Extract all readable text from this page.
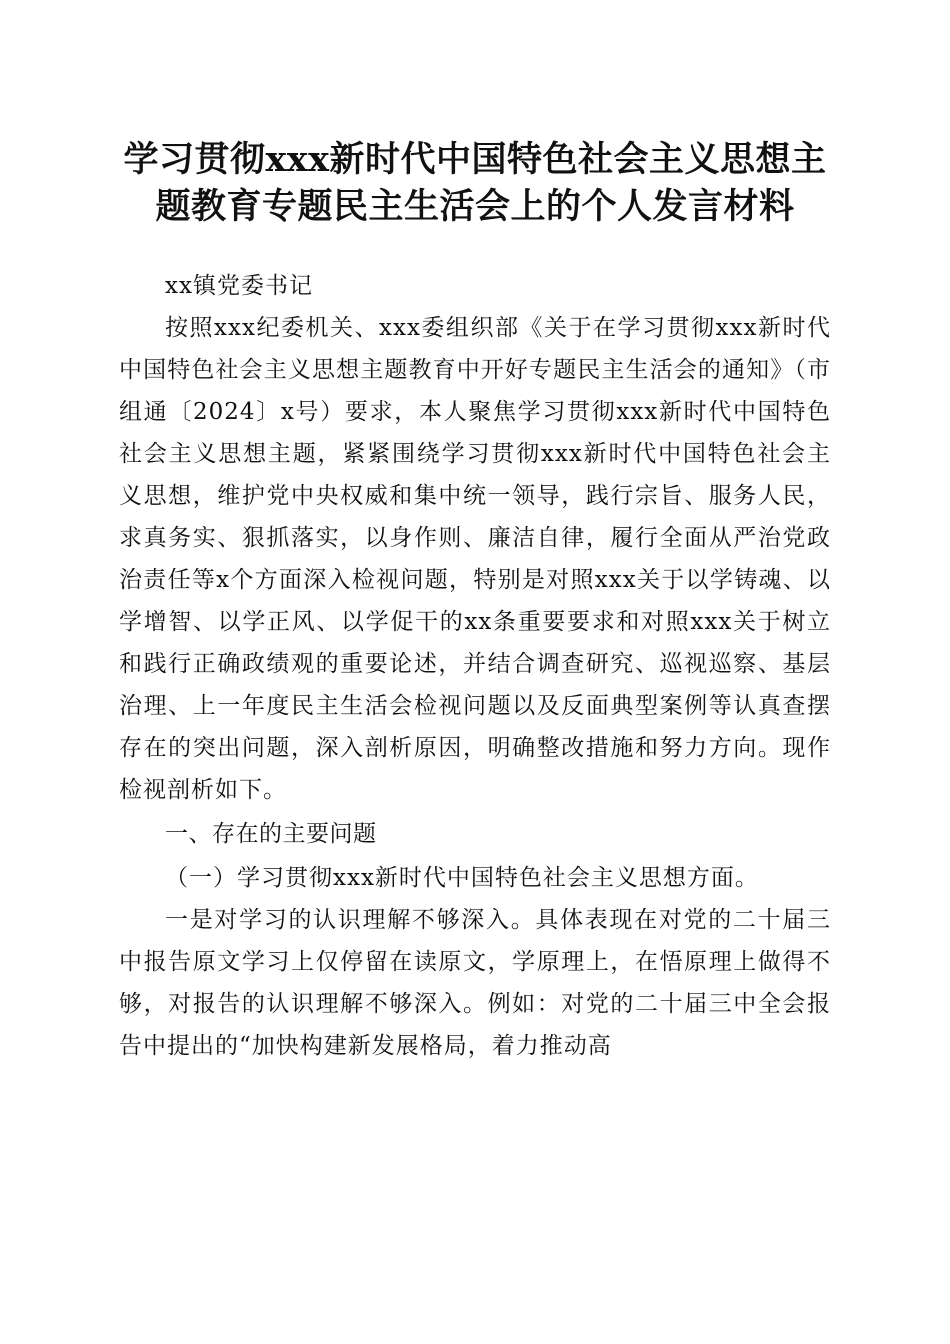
学习贯彻xxx新时代中国特色社会主义思想主
题教育专题民主生活会上的个人发言材料

xx镇党委书记

按照xxx纪委机关、xxx委组织部《关于在学习贯彻xxx新时代中国特色社会主义思想主题教育中开好专题民主生活会的通知》（市组通〔2024〕x号）要求，本人聚焦学习贯彻xxx新时代中国特色社会主义思想主题，紧紧围绕学习贯彻xxx新时代中国特色社会主义思想，维护党中央权威和集中统一领导，践行宗旨、服务人民，求真务实、狠抓落实，以身作则、廉洁自律，履行全面从严治党政治责任等x个方面深入检视问题，特别是对照xxx关于以学铸魂、以学增智、以学正风、以学促干的xx条重要要求和对照xxx关于树立和践行正确政绩观的重要论述，并结合调查研究、巡视巡察、基层治理、上一年度民主生活会检视问题以及反面典型案例等认真查摆存在的突出问题，深入剖析原因，明确整改措施和努力方向。现作检视剖析如下。

一、存在的主要问题

（一）学习贯彻xxx新时代中国特色社会主义思想方面。

一是对学习的认识理解不够深入。具体表现在对党的二十届三中报告原文学习上仅停留在读原文，学原理上，在悟原理上做得不够，对报告的认识理解不够深入。例如：对党的二十届三中全会报告中提出的“加快构建新发展格局，着力推动高
